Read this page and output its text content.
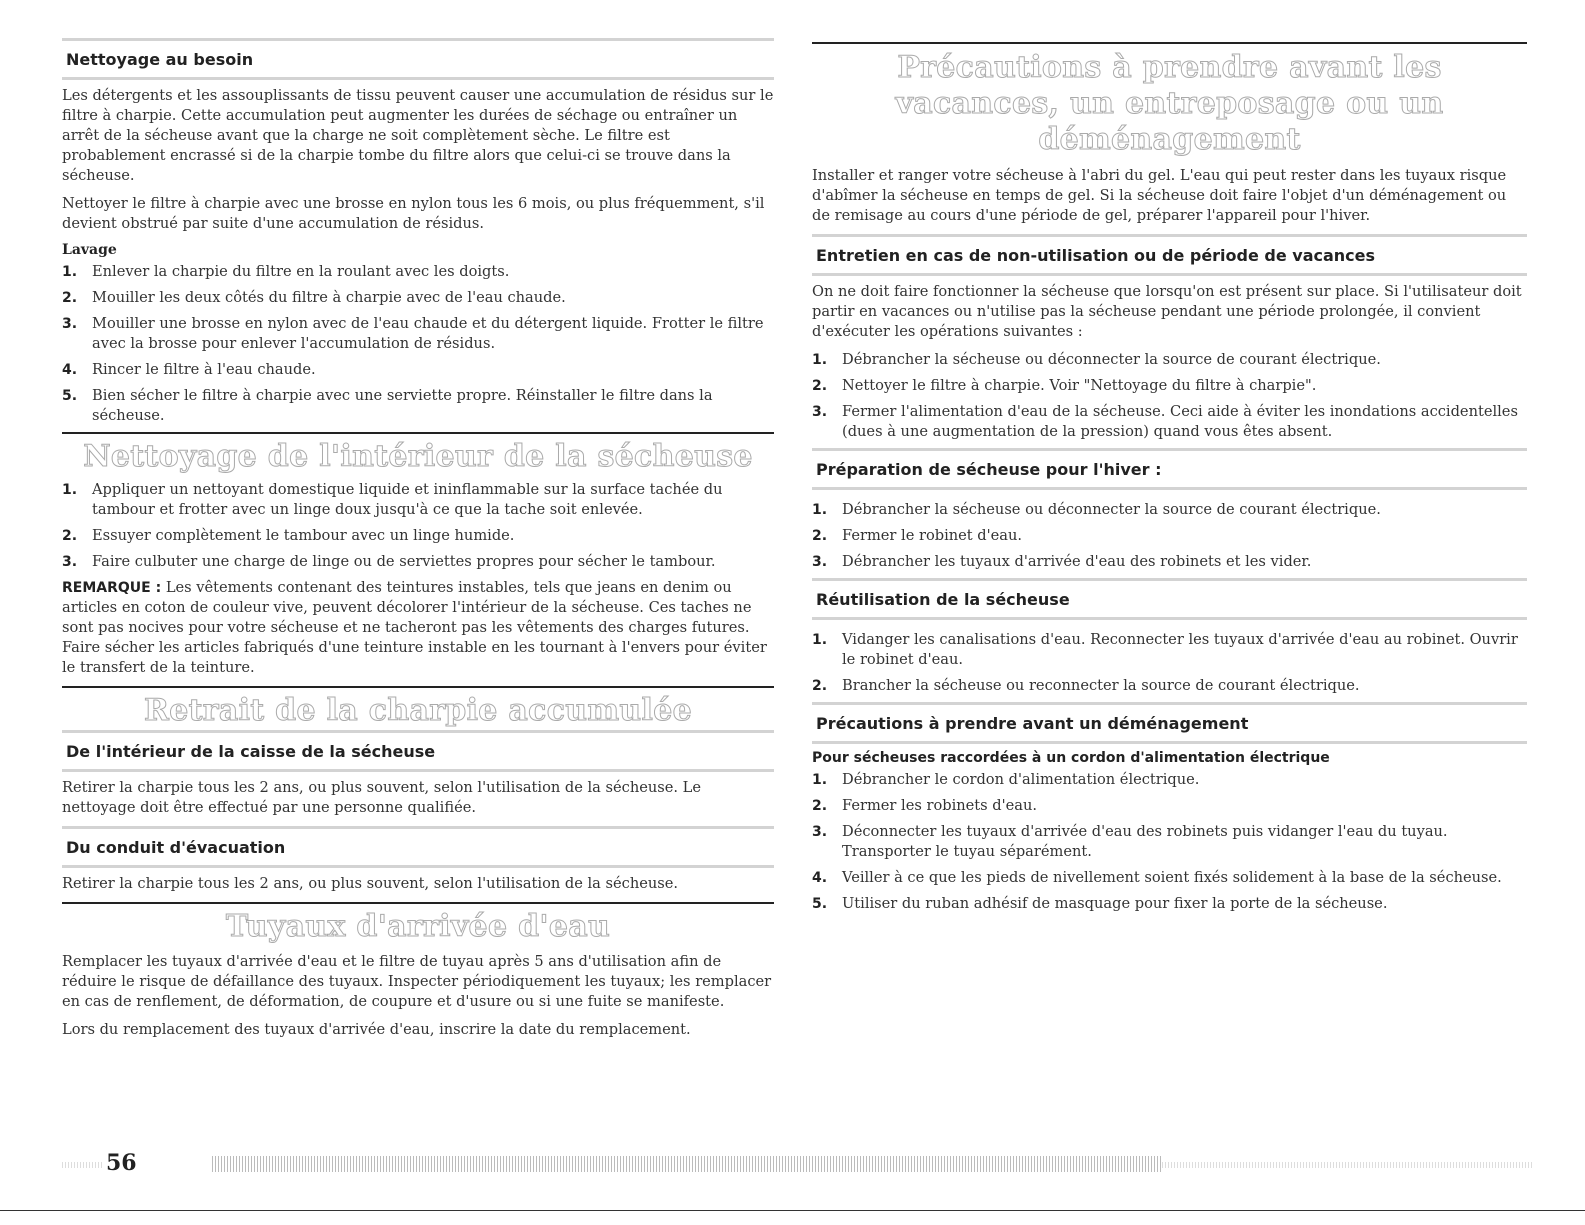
Nettoyage au besoin

Les détergents et les assouplissants de tissu peuvent causer une accumulation de résidus sur le filtre à charpie. Cette accumulation peut augmenter les durées de séchage ou entraîner un arrêt de la sécheuse avant que la charge ne soit complètement sèche. Le filtre est probablement encrassé si de la charpie tombe du filtre alors que celui-ci se trouve dans la sécheuse.

Nettoyer le filtre à charpie avec une brosse en nylon tous les 6 mois, ou plus fréquemment, s'il devient obstrué par suite d'une accumulation de résidus.

Lavage
1. Enlever la charpie du filtre en la roulant avec les doigts.
2. Mouiller les deux côtés du filtre à charpie avec de l'eau chaude.
3. Mouiller une brosse en nylon avec de l'eau chaude et du détergent liquide. Frotter le filtre avec la brosse pour enlever l'accumulation de résidus.
4. Rincer le filtre à l'eau chaude.
5. Bien sécher le filtre à charpie avec une serviette propre. Réinstaller le filtre dans la sécheuse.
Nettoyage de l'intérieur de la sécheuse
1. Appliquer un nettoyant domestique liquide et ininflammable sur la surface tachée du tambour et frotter avec un linge doux jusqu'à ce que la tache soit enlevée.
2. Essuyer complètement le tambour avec un linge humide.
3. Faire culbuter une charge de linge ou de serviettes propres pour sécher le tambour.

REMARQUE : Les vêtements contenant des teintures instables, tels que jeans en denim ou articles en coton de couleur vive, peuvent décolorer l'intérieur de la sécheuse. Ces taches ne sont pas nocives pour votre sécheuse et ne tacheront pas les vêtements des charges futures. Faire sécher les articles fabriqués d'une teinture instable en les tournant à l'envers pour éviter le transfert de la teinture.

Retrait de la charpie accumulée
De l'intérieur de la caisse de la sécheuse

Retirer la charpie tous les 2 ans, ou plus souvent, selon l'utilisation de la sécheuse. Le nettoyage doit être effectué par une personne qualifiée.

Du conduit d'évacuation

Retirer la charpie tous les 2 ans, ou plus souvent, selon l'utilisation de la sécheuse.

Tuyaux d'arrivée d'eau

Remplacer les tuyaux d'arrivée d'eau et le filtre de tuyau après 5 ans d'utilisation afin de réduire le risque de défaillance des tuyaux. Inspecter périodiquement les tuyaux; les remplacer en cas de renflement, de déformation, de coupure et d'usure ou si une fuite se manifeste.

Lors du remplacement des tuyaux d'arrivée d'eau, inscrire la date du remplacement.

Précautions à prendre avant les vacances, un entreposage ou un déménagement

Installer et ranger votre sécheuse à l'abri du gel. L'eau qui peut rester dans les tuyaux risque d'abîmer la sécheuse en temps de gel. Si la sécheuse doit faire l'objet d'un déménagement ou de remisage au cours d'une période de gel, préparer l'appareil pour l'hiver.

Entretien en cas de non-utilisation ou de période de vacances

On ne doit faire fonctionner la sécheuse que lorsqu'on est présent sur place. Si l'utilisateur doit partir en vacances ou n'utilise pas la sécheuse pendant une période prolongée, il convient d'exécuter les opérations suivantes :

1. Débrancher la sécheuse ou déconnecter la source de courant électrique.
2. Nettoyer le filtre à charpie. Voir "Nettoyage du filtre à charpie".
3. Fermer l'alimentation d'eau de la sécheuse. Ceci aide à éviter les inondations accidentelles (dues à une augmentation de la pression) quand vous êtes absent.
Préparation de sécheuse pour l'hiver :
1. Débrancher la sécheuse ou déconnecter la source de courant électrique.
2. Fermer le robinet d'eau.
3. Débrancher les tuyaux d'arrivée d'eau des robinets et les vider.
Réutilisation de la sécheuse
1. Vidanger les canalisations d'eau. Reconnecter les tuyaux d'arrivée d'eau au robinet. Ouvrir le robinet d'eau.
2. Brancher la sécheuse ou reconnecter la source de courant électrique.
Précautions à prendre avant un déménagement
Pour sécheuses raccordées à un cordon d'alimentation électrique
1. Débrancher le cordon d'alimentation électrique.
2. Fermer les robinets d'eau.
3. Déconnecter les tuyaux d'arrivée d'eau des robinets puis vidanger l'eau du tuyau. Transporter le tuyau séparément.
4. Veiller à ce que les pieds de nivellement soient fixés solidement à la base de la sécheuse.
5. Utiliser du ruban adhésif de masquage pour fixer la porte de la sécheuse.
56
